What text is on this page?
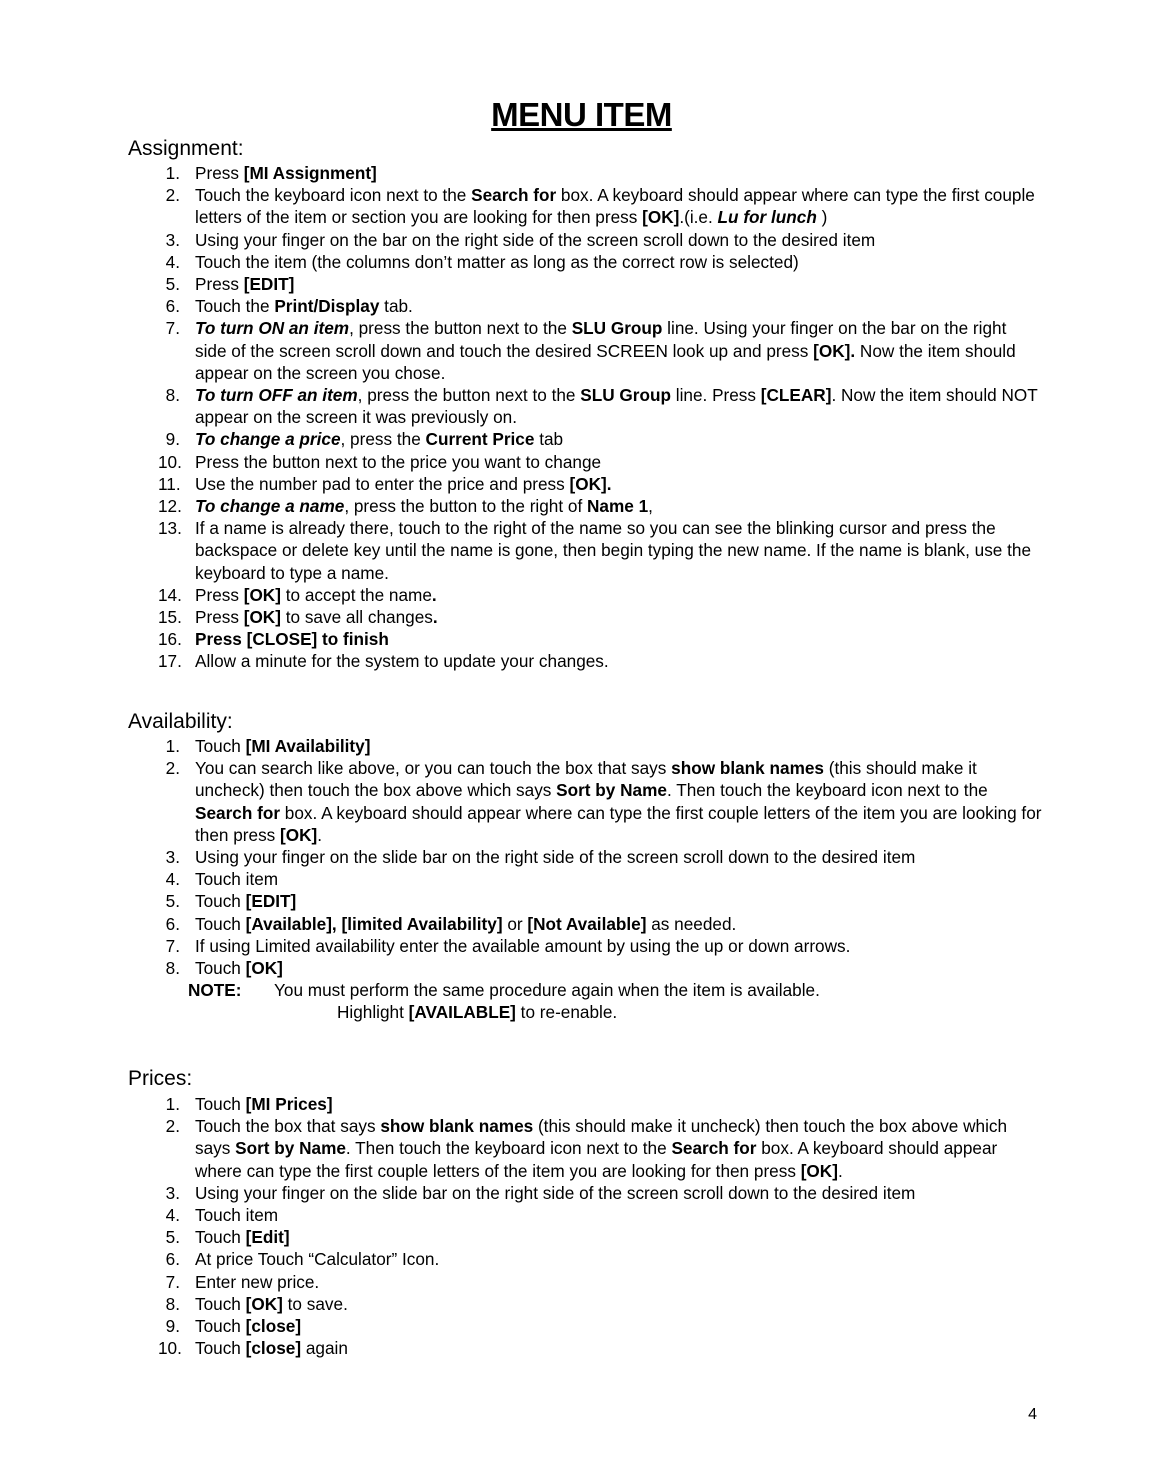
MENU ITEM
Assignment:
1. Press [MI Assignment]
2. Touch the keyboard icon next to the Search for box. A keyboard should appear where can type the first couple letters of the item or section you are looking for then press [OK].(i.e. Lu for lunch )
3. Using your finger on the bar on the right side of the screen scroll down to the desired item
4. Touch the item (the columns don’t matter as long as the correct row is selected)
5. Press [EDIT]
6. Touch the Print/Display tab.
7. To turn ON an item, press the button next to the SLU Group line. Using your finger on the bar on the right side of the screen scroll down and touch the desired SCREEN look up and press [OK]. Now the item should appear on the screen you chose.
8. To turn OFF an item, press the button next to the SLU Group line. Press [CLEAR]. Now the item should NOT appear on the screen it was previously on.
9. To change a price, press the Current Price tab
10. Press the button next to the price you want to change
11. Use the number pad to enter the price and press [OK].
12. To change a name, press the button to the right of Name 1,
13. If a name is already there, touch to the right of the name so you can see the blinking cursor and press the backspace or delete key until the name is gone, then begin typing the new name. If the name is blank, use the keyboard to type a name.
14. Press [OK] to accept the name.
15. Press [OK] to save all changes.
16. Press [CLOSE] to finish
17. Allow a minute for the system to update your changes.
Availability:
1. Touch [MI Availability]
2. You can search like above, or you can touch the box that says show blank names (this should make it uncheck) then touch the box above which says Sort by Name. Then touch the keyboard icon next to the Search for box. A keyboard should appear where can type the first couple letters of the item you are looking for then press [OK].
3. Using your finger on the slide bar on the right side of the screen scroll down to the desired item
4. Touch item
5. Touch [EDIT]
6. Touch [Available], [limited Availability] or [Not Available] as needed.
7. If using Limited availability enter the available amount by using the up or down arrows.
8. Touch [OK]
NOTE: You must perform the same procedure again when the item is available.
Highlight [AVAILABLE] to re-enable.
Prices:
1. Touch [MI Prices]
2. Touch the box that says show blank names (this should make it uncheck) then touch the box above which says Sort by Name. Then touch the keyboard icon next to the Search for box. A keyboard should appear where can type the first couple letters of the item you are looking for then press [OK].
3. Using your finger on the slide bar on the right side of the screen scroll down to the desired item
4. Touch item
5. Touch [Edit]
6. At price Touch “Calculator” Icon.
7. Enter new price.
8. Touch [OK] to save.
9. Touch [close]
10. Touch [close] again
4
